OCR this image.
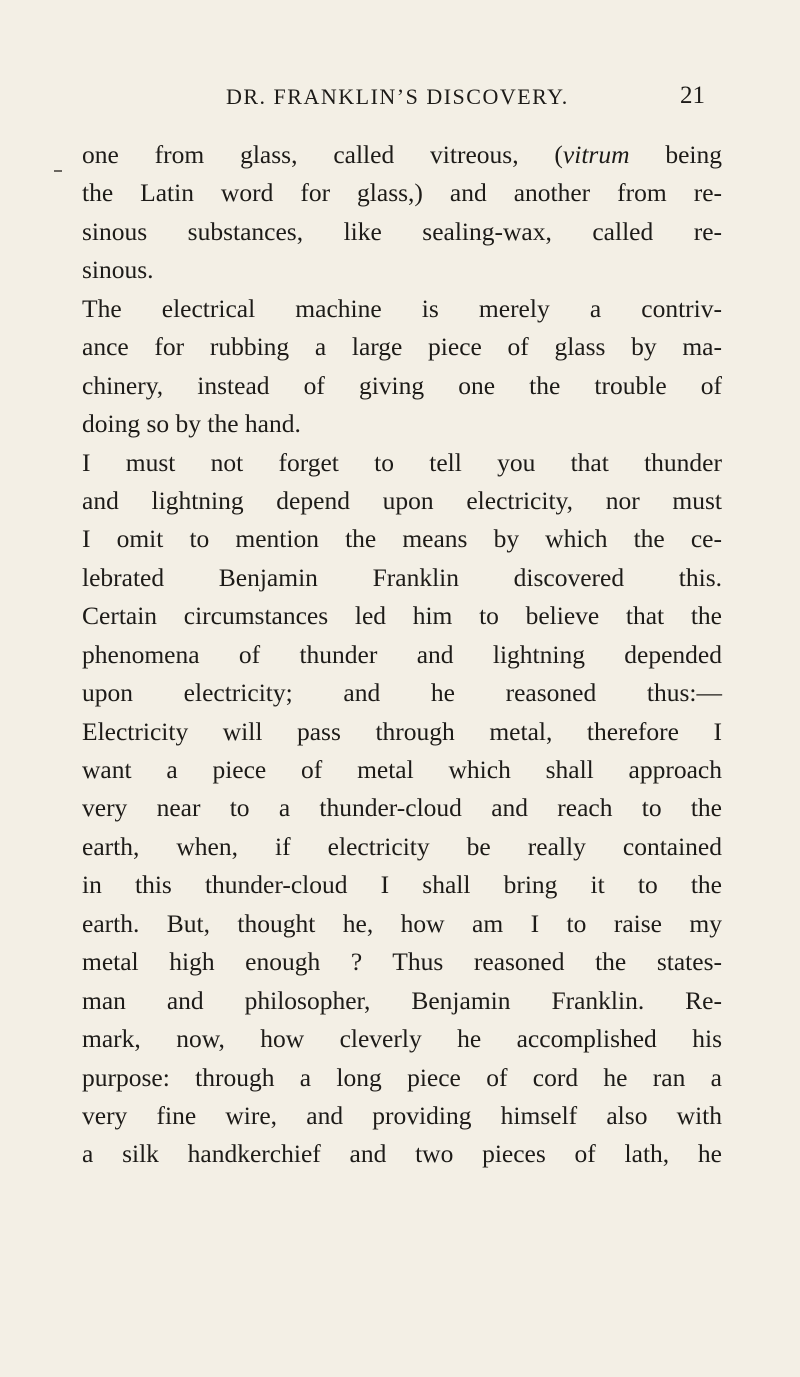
DR. FRANKLIN’S DISCOVERY.	21
one from glass, called vitreous, (vitrum being
the Latin word for glass,) and another from re-
sinous substances, like sealing-wax, called re-
sinous.
The electrical machine is merely a contriv-
ance for rubbing a large piece of glass by ma-
chinery, instead of giving one the trouble of
doing so by the hand.
I must not forget to tell you that thunder
and lightning depend upon electricity, nor must
I omit to mention the means by which the ce-
lebrated Benjamin Franklin discovered this.
Certain circumstances led him to believe that the
phenomena of thunder and lightning depended
upon electricity; and he reasoned thus:—
Electricity will pass through metal, therefore I
want a piece of metal which shall approach
very near to a thunder-cloud and reach to the
earth, when, if electricity be really contained
in this thunder-cloud I shall bring it to the
earth. But, thought he, how am I to raise my
metal high enough ? Thus reasoned the states-
man and philosopher, Benjamin Franklin. Re-
mark, now, how cleverly he accomplished his
purpose: through a long piece of cord he ran a
very fine wire, and providing himself also with
a silk handkerchief and two pieces of lath, he
